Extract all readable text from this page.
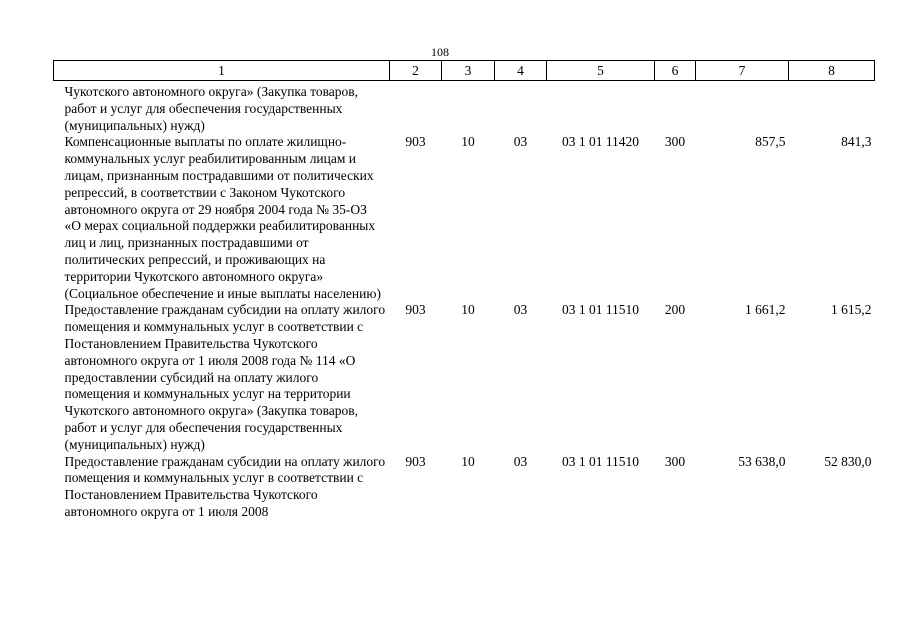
108
1	2	3	4	5	6	7	8
Чукотского автономного округа» (Закупка товаров, работ и услуг для обеспечения государственных (муниципальных) нужд)							
Компенсационные выплаты по оплате жилищно-коммунальных услуг реабилитированным лицам и лицам, признанным пострадавшими от политических репрессий, в соответствии с Законом Чукотского автономного округа от 29 ноября 2004 года № 35-ОЗ «О мерах социальной поддержки реабилитированных лиц и лиц, признанных пострадавшими от политических репрессий, и проживающих на территории Чукотского автономного округа» (Социальное обеспечение и иные выплаты населению)	903	10	03	03 1 01 11420	300	857,5	841,3
Предоставление гражданам субсидии на оплату жилого помещения и коммунальных услуг в соответствии с Постановлением Правительства Чукотского автономного округа от 1 июля 2008 года № 114 «О предоставлении субсидий на оплату жилого помещения и коммунальных услуг на территории Чукотского автономного округа» (Закупка товаров, работ и услуг для обеспечения государственных (муниципальных) нужд)	903	10	03	03 1 01 11510	200	1 661,2	1 615,2
Предоставление гражданам субсидии на оплату жилого помещения и коммунальных услуг в соответствии с Постановлением Правительства Чукотского автономного округа от 1 июля 2008	903	10	03	03 1 01 11510	300	53 638,0	52 830,0
